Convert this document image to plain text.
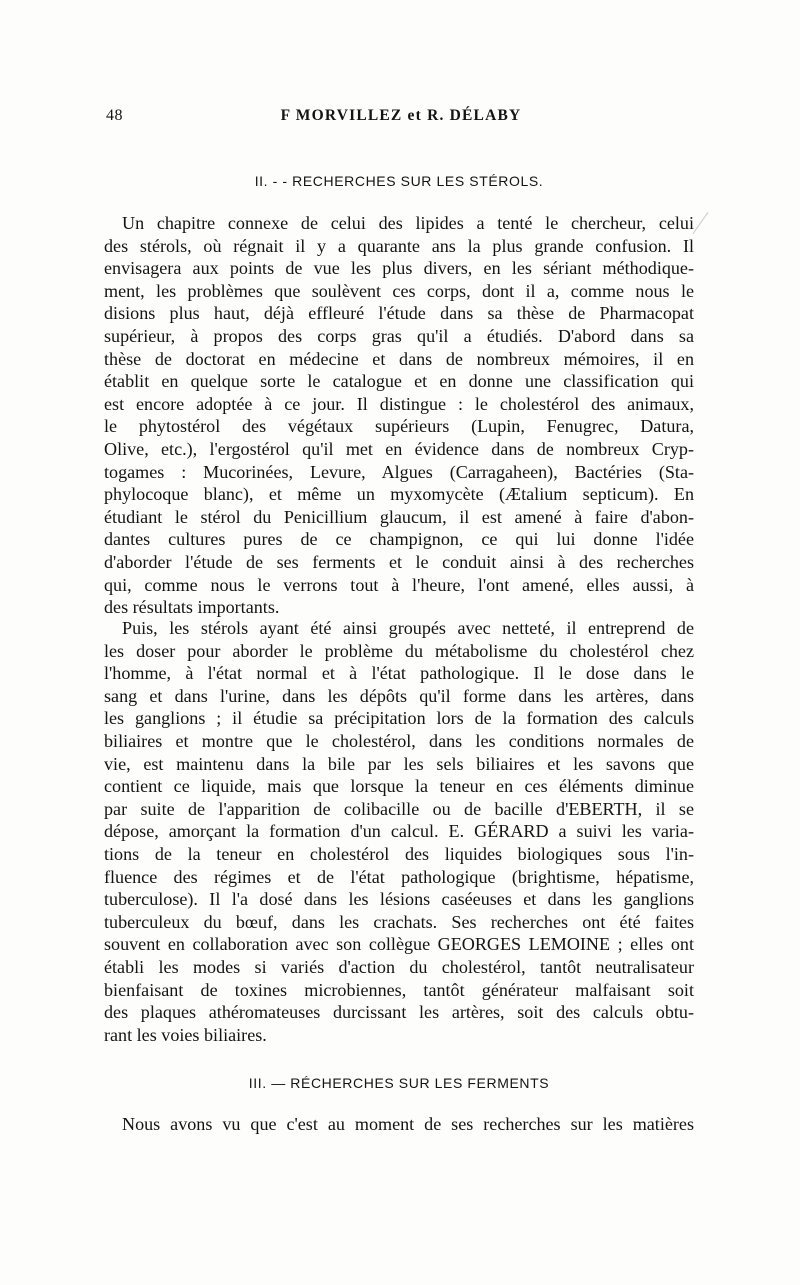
48	F MORVILLEZ et R. DÉLABY
II. - - RECHERCHES SUR LES STÉROLS.
Un chapitre connexe de celui des lipides a tenté le chercheur, celui
des stérols, où régnait il y a quarante ans la plus grande confusion. Il
envisagera aux points de vue les plus divers, en les sériant méthodique-
ment, les problèmes que soulèvent ces corps, dont il a, comme nous le
disions plus haut, déjà effleuré l'étude dans sa thèse de Pharmacopat
supérieur, à propos des corps gras qu'il a étudiés. D'abord dans sa
thèse de doctorat en médecine et dans de nombreux mémoires, il en
établit en quelque sorte le catalogue et en donne une classification qui
est encore adoptée à ce jour. Il distingue : le cholestérol des animaux,
le phytostérol des végétaux supérieurs (Lupin, Fenugrec, Datura,
Olive, etc.), l'ergostérol qu'il met en évidence dans de nombreux Cryp-
togames : Mucorinées, Levure, Algues (Carragaheen), Bactéries (Sta-
phylocoque blanc), et même un myxomycète (Ætalium septicum). En
étudiant le stérol du Penicillium glaucum, il est amené à faire d'abon-
dantes cultures pures de ce champignon, ce qui lui donne l'idée
d'aborder l'étude de ses ferments et le conduit ainsi à des recherches
qui, comme nous le verrons tout à l'heure, l'ont amené, elles aussi, à
des résultats importants.
Puis, les stérols ayant été ainsi groupés avec netteté, il entreprend de
les doser pour aborder le problème du métabolisme du cholestérol chez
l'homme, à l'état normal et à l'état pathologique. Il le dose dans le
sang et dans l'urine, dans les dépôts qu'il forme dans les artères, dans
les ganglions ; il étudie sa précipitation lors de la formation des calculs
biliaires et montre que le cholestérol, dans les conditions normales de
vie, est maintenu dans la bile par les sels biliaires et les savons que
contient ce liquide, mais que lorsque la teneur en ces éléments diminue
par suite de l'apparition de colibacille ou de bacille d'EBERTH, il se
dépose, amorçant la formation d'un calcul. E. GÉRARD a suivi les varia-
tions de la teneur en cholestérol des liquides biologiques sous l'in-
fluence des régimes et de l'état pathologique (brightisme, hépatisme,
tuberculose). Il l'a dosé dans les lésions caséeuses et dans les ganglions
tuberculeux du bœuf, dans les crachats. Ses recherches ont été faites
souvent en collaboration avec son collègue GEORGES LEMOINE ; elles ont
établi les modes si variés d'action du cholestérol, tantôt neutralisateur
bienfaisant de toxines microbiennes, tantôt générateur malfaisant soit
des plaques athéromateuses durcissant les artères, soit des calculs obtu-
rant les voies biliaires.
III. — RÉCHERCHES SUR LES FERMENTS
Nous avons vu que c'est au moment de ses recherches sur les matières
